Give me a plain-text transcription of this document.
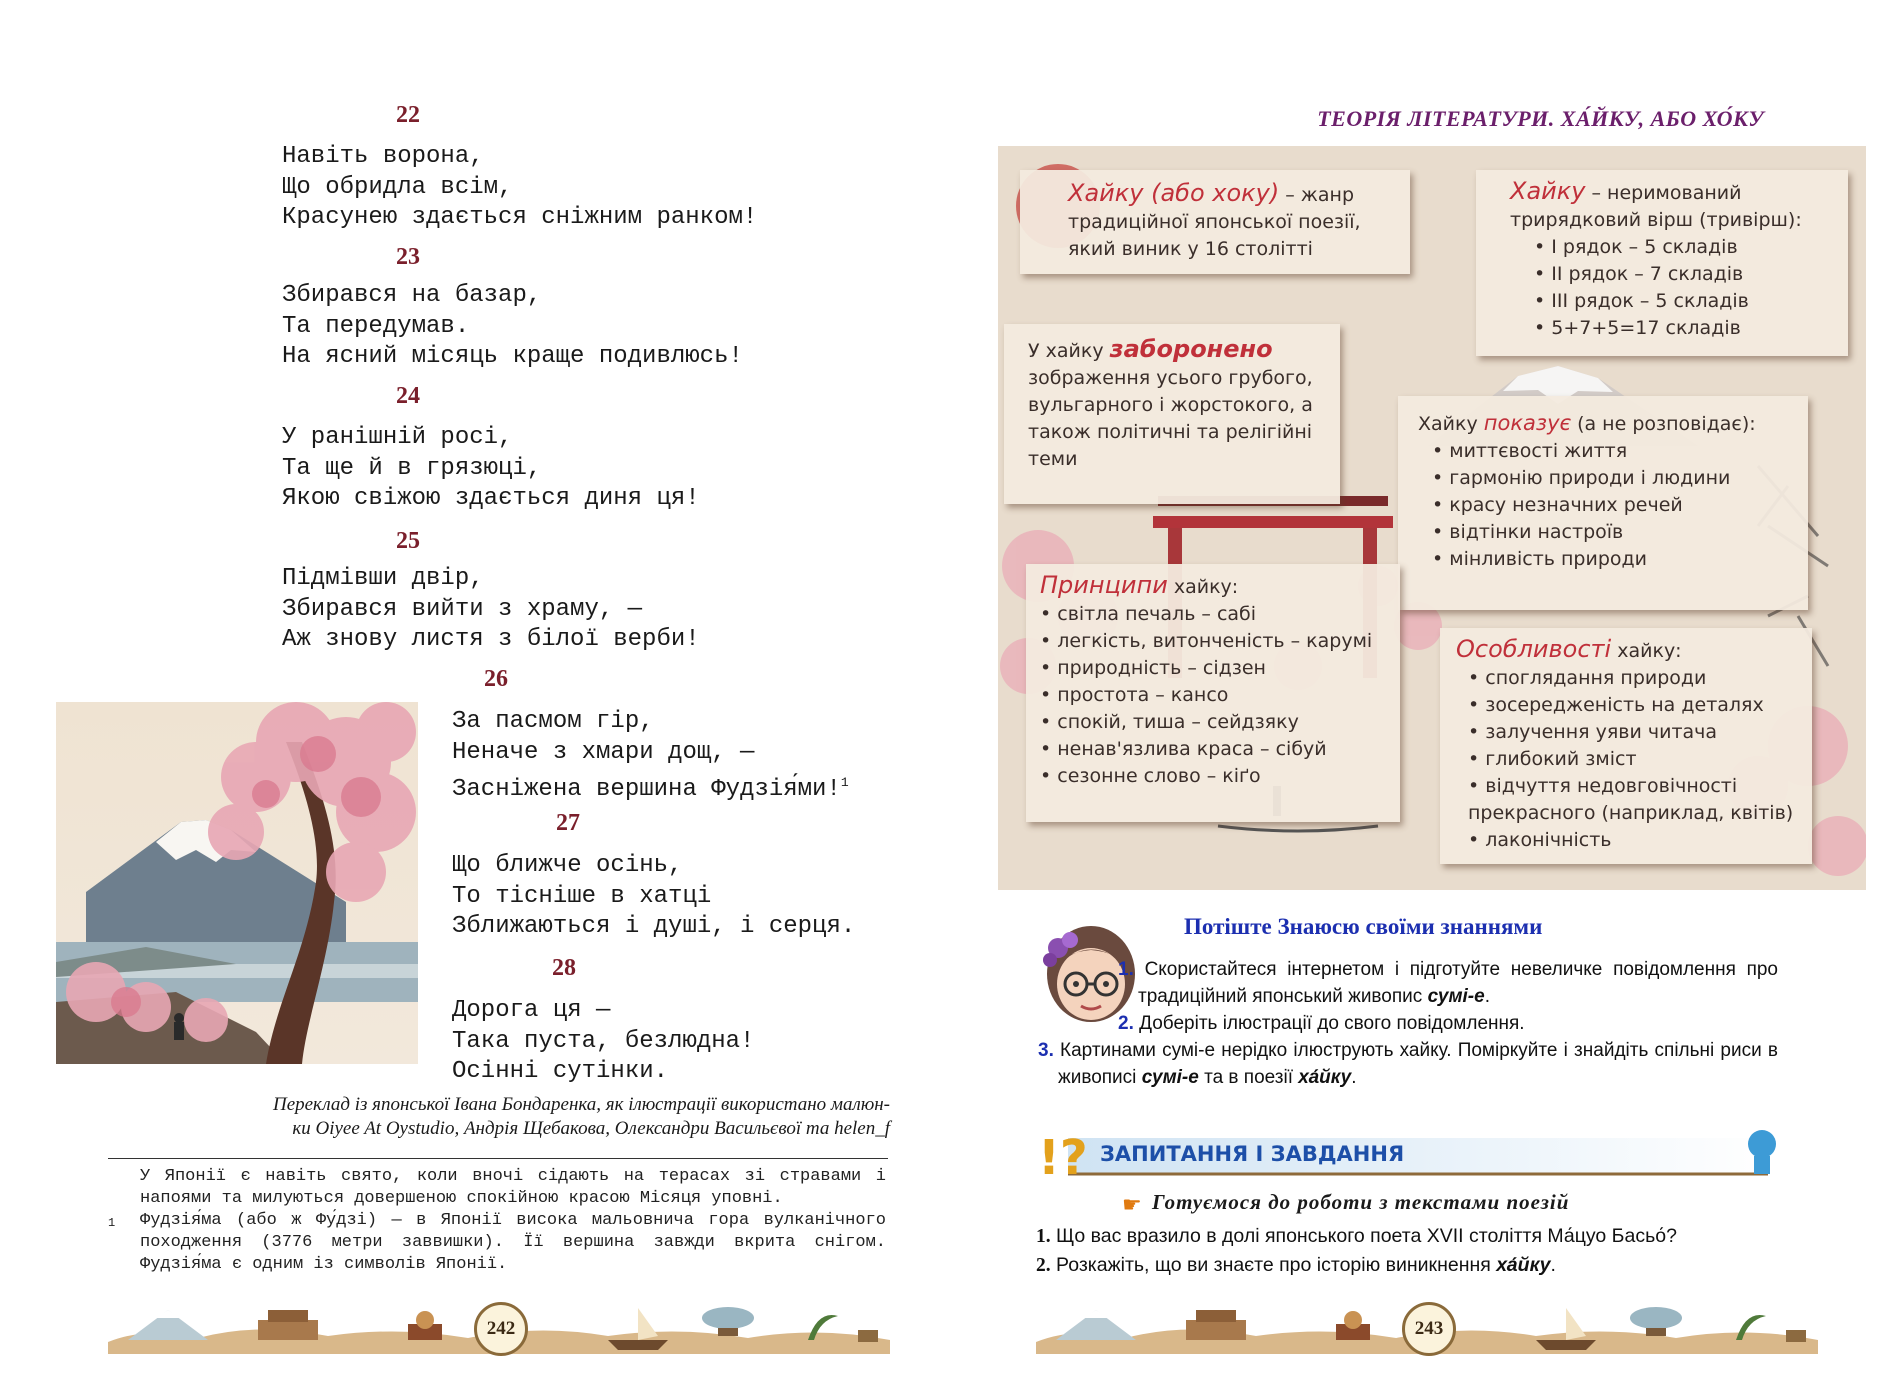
22
Навіть ворона,
Що обридла всім,
Красунею здається сніжним ранком!
23
Збирався на базар,
Та передумав.
На ясний місяць краще подивлюсь!
24
У ранішній росі,
Та ще й в грязюці,
Якою свіжою здається диня ця!
25
Підмівши двір,
Збирався вийти з храму, —
Аж знову листя з білої верби!
26
За пасмом гір,
Неначе з хмари дощ, —
Засніжена вершина Фудзія́ми!$^1$
27
Що ближче осінь,
То тісніше в хатці
Зближаються і душі, і серця.
28
Дорога ця —
Така пуста, безлюдна!
Осінні сутінки.
Переклад із японської Івана Бондаренка, як ілюстрації використано малюн-
ки Oiyee At Oystudio, Андрія Щебакова, Олександри Васильєвої та helen_f

У Японії є навіть свято, коли вночі сідають на терасах зі стравами і напоями та милуються довершеною спокійною красою Місяця уповні.

1 Фудзія́ма (або ж Фу́дзі) — в Японії висока мальовнича гора вулканічного походження (3776 метри заввишки). Її вершина завжди вкрита снігом. Фудзія́ма є одним із символів Японії.

242
ТЕОРІЯ ЛІТЕРАТУРИ. ХА́ЙКУ, АБО ХО́КУ
Хайку (або хоку) – жанр традиційної японської поезії, який виник у 16 столітті
Хайку – неримований трирядковий вірш (тривірш):
• І рядок – 5 складів
• ІІ рядок – 7 складів
• ІІІ рядок – 5 складів
• 5+7+5=17 складів
У хайку заборонено
зображення усього грубого, вульгарного і жорстокого, а також політичні та релігійні теми
Хайку показує (а не розповідає):
• миттєвості життя
• гармонію природи і людини
• красу незначних речей
• відтінки настроїв
• мінливість природи
Принципи хайку:
• світла печаль – сабі
• легкість, витонченість – карумі
• природність – сідзен
• простота – кансо
• спокій, тиша – сейдзяку
• ненав'язлива краса – сібуй
• сезонне слово – кіґо
Особливості хайку:
• споглядання природи
• зосередженість на деталях
• залучення уяви читача
• глибокий зміст
• відчуття недовговічності прекрасного (наприклад, квітів)
• лаконічність
Потіште Знаюсю своїми знаннями
1. Скористайтеся інтернетом і підготуйте невеличке повідомлення про традиційний японський живопис сумі-е.
2. Доберіть ілюстрації до свого повідомлення.
3. Картинами сумі-е нерідко ілюструють хайку. Поміркуйте і знайдіть спільні риси в живописі сумі-е та в поезії ха́йку.
!? ЗАПИТАННЯ І ЗАВДАННЯ
☛ Готуємося до роботи з текстами поезій
1. Що вас вразило в долі японського поета XVII століття Ма́цуо Басьо́?
2. Розкажіть, що ви знаєте про історію виникнення ха́йку.
243
